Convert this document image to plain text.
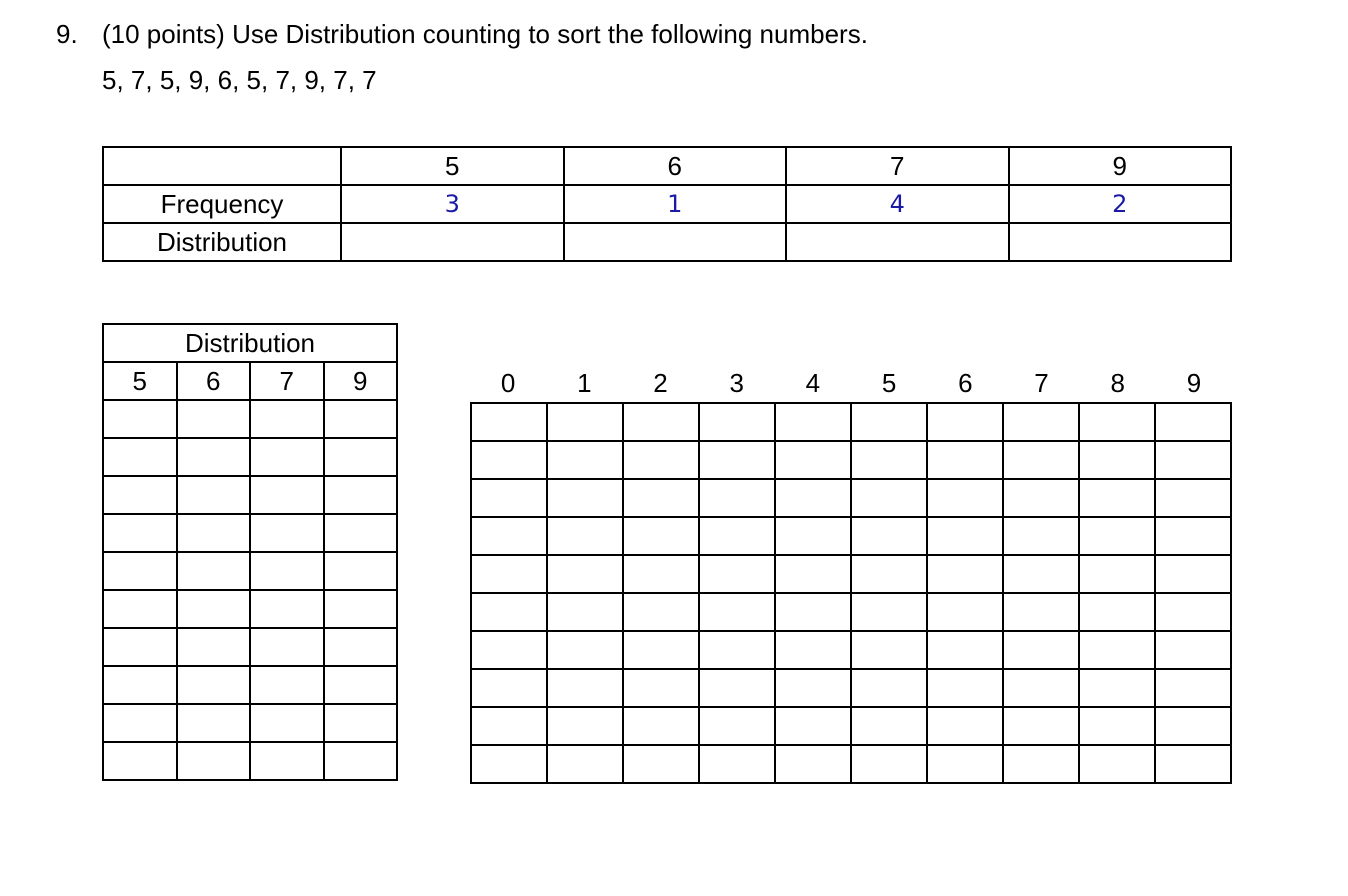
9. (10 points) Use Distribution counting to sort the following numbers.
5, 7, 5, 9, 6, 5, 7, 9, 7, 7
	5	6	7	9
Frequency	3	1	4	2
Distribution				
Distribution			
5	6	7	9

				0	1	2	3	4	5	6	7	8	9
